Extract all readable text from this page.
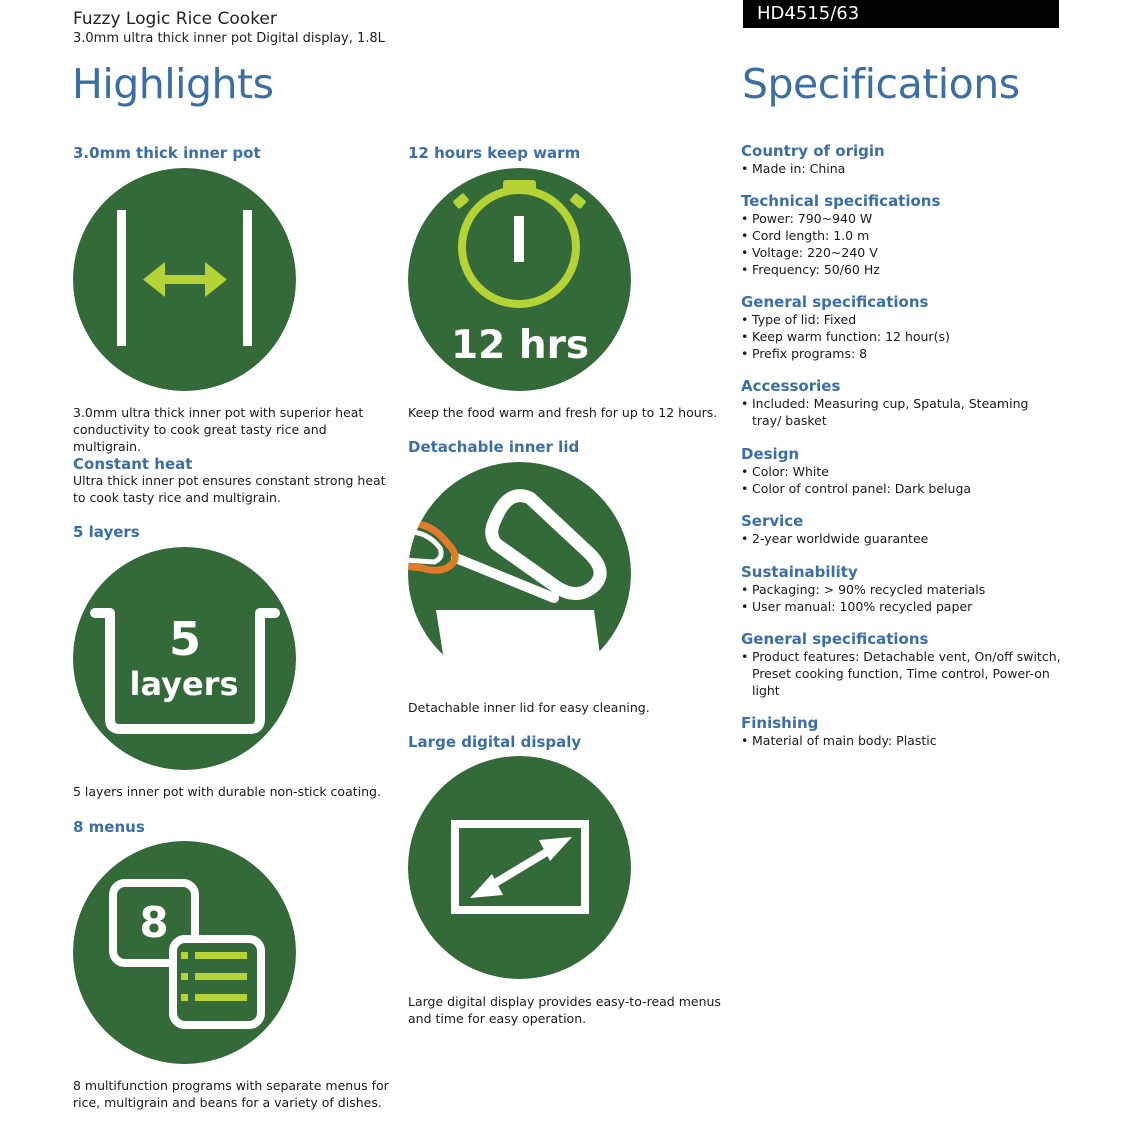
Fuzzy Logic Rice Cooker
3.0mm ultra thick inner pot Digital display, 1.8L
HD4515/63
Highlights	Specifications
3.0mm thick inner pot
3.0mm ultra thick inner pot with superior heat conductivity to cook great tasty rice and multigrain.
Constant heat
Ultra thick inner pot ensures constant strong heat to cook tasty rice and multigrain.
5 layers
5
layers
5 layers inner pot with durable non-stick coating.
8 menus
8
8 multifunction programs with separate menus for rice, multigrain and beans for a variety of dishes.
12 hours keep warm
12 hrs
Keep the food warm and fresh for up to 12 hours.
Detachable inner lid
Detachable inner lid for easy cleaning.
Large digital dispaly
Large digital display provides easy-to-read menus and time for easy operation.
Country of origin
• Made in: China
Technical specifications
• Power: 790~940 W
• Cord length: 1.0 m
• Voltage: 220~240 V
• Frequency: 50/60 Hz
General specifications
• Type of lid: Fixed
• Keep warm function: 12 hour(s)
• Prefix programs: 8
Accessories
• Included: Measuring cup, Spatula, Steaming tray/ basket
Design
• Color: White
• Color of control panel: Dark beluga
Service
• 2-year worldwide guarantee
Sustainability
• Packaging: > 90% recycled materials
• User manual: 100% recycled paper
General specifications
• Product features: Detachable vent, On/off switch, Preset cooking function, Time control, Power-on light
Finishing
• Material of main body: Plastic
